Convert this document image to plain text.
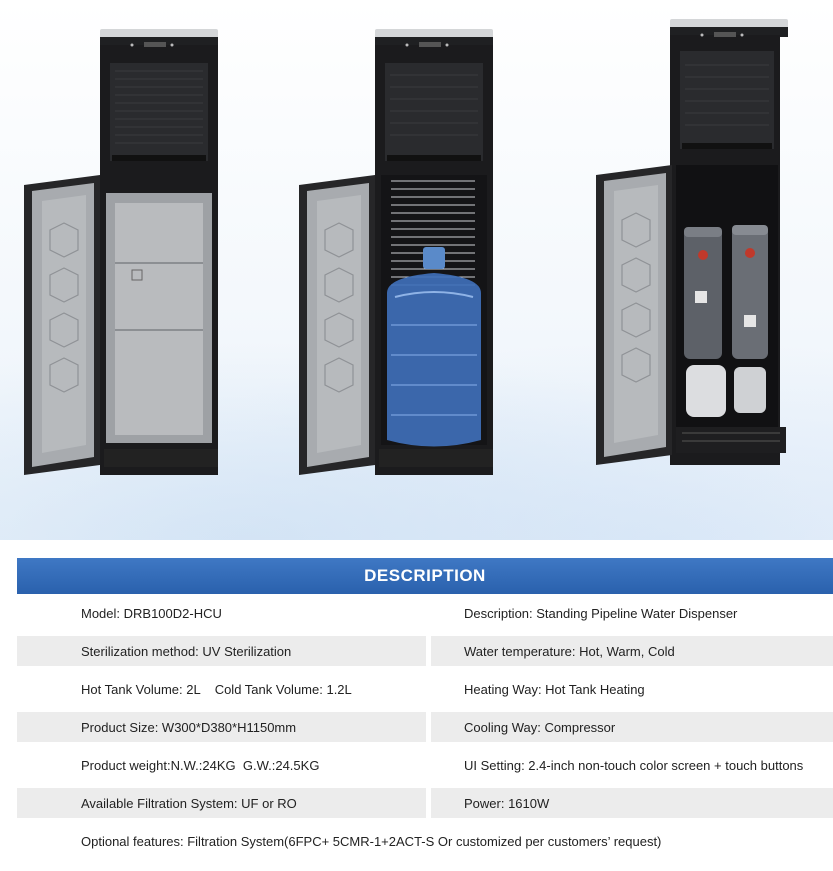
DESCRIPTION
Model: DRB100D2-HCU	Description: Standing Pipeline Water Dispenser
Sterilization method: UV Sterilization	Water temperature: Hot, Warm, Cold
Hot Tank Volume: 2L    Cold Tank Volume: 1.2L	Heating Way: Hot Tank Heating
Product Size: W300*D380*H1150mm	Cooling Way: Compressor
Product weight:N.W.:24KG  G.W.:24.5KG	UI Setting: 2.4-inch non-touch color screen + touch buttons
Available Filtration System: UF or RO	Power: 1610W
Optional features: Filtration System(6FPC+ 5CMR-1+2ACT-S Or customized per customers’ request)
